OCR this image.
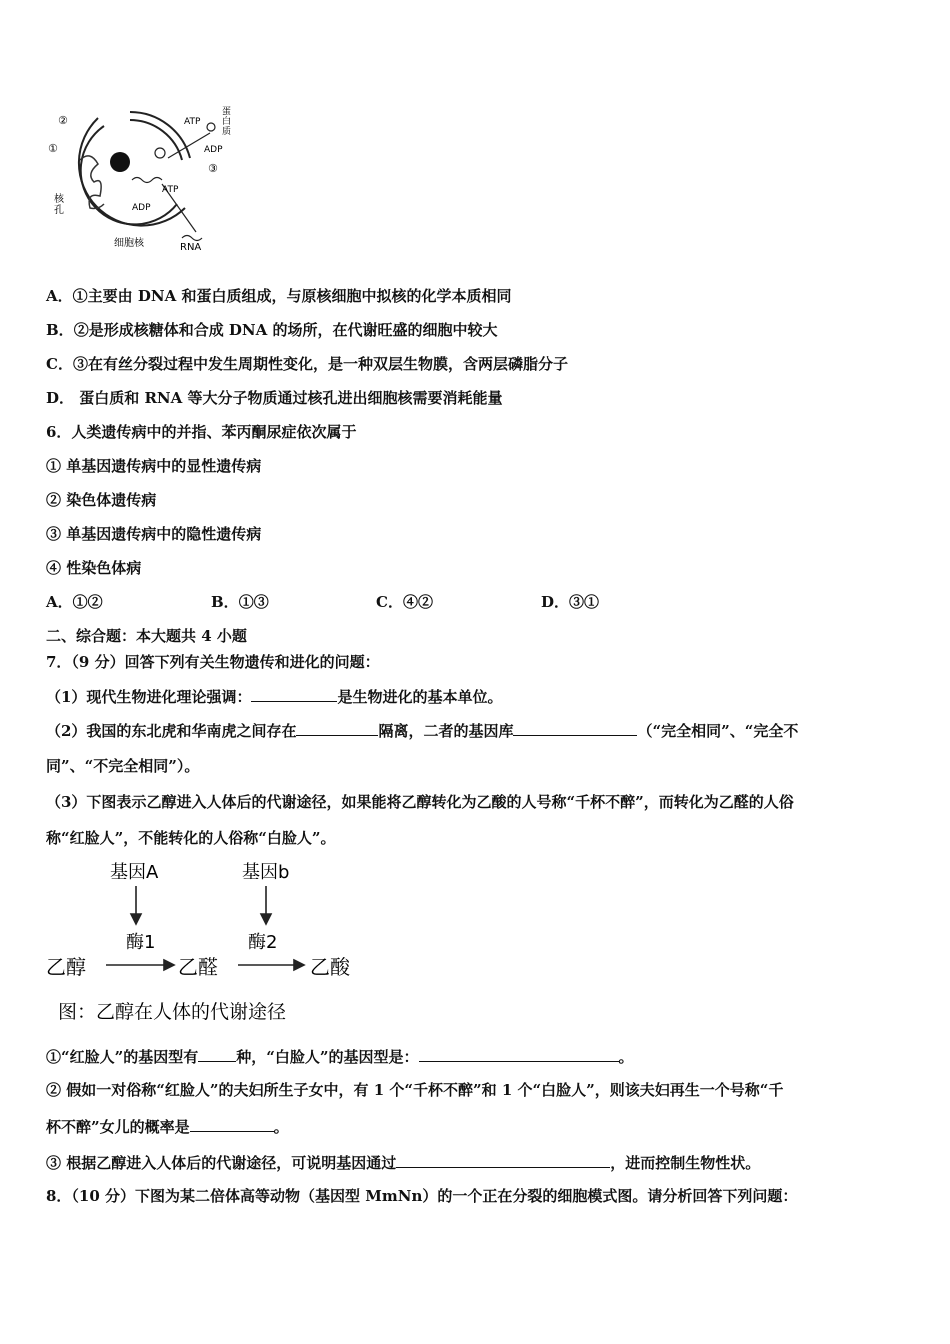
①
②
③
ATP
蛋白质
ADP
ATP
ADP
核孔
细胞核	RNA
A．①主要由 DNA 和蛋白质组成，与原核细胞中拟核的化学本质相同
B．②是形成核糖体和合成 DNA 的场所，在代谢旺盛的细胞中较大
C．③在有丝分裂过程中发生周期性变化，是一种双层生物膜，含两层磷脂分子
D． 蛋白质和 RNA 等大分子物质通过核孔进出细胞核需要消耗能量
6．人类遗传病中的并指、苯丙酮尿症依次属于
① 单基因遗传病中的显性遗传病
② 染色体遗传病
③ 单基因遗传病中的隐性遗传病
④ 性染色体病
A．①②	B．①③	C．④②	D．③①
二、综合题：本大题共 4 小题
7．（9 分）回答下列有关生物遗传和进化的问题：
（1）现代生物进化理论强调：	是生物进化的基本单位。
（2）我国的东北虎和华南虎之间存在	隔离，二者的基因库	（“完全相同”、“完全不
同”、“不完全相同”）。
（3）下图表示乙醇进入人体后的代谢途径，如果能将乙醇转化为乙酸的人号称“千杯不醉”，而转化为乙醛的人俗
称“红脸人”，不能转化的人俗称“白脸人”。
基因A	基因b
酶1	酶2
乙醇	乙醛	乙酸
图：乙醇在人体的代谢途径
①“红脸人”的基因型有	种，“白脸人”的基因型是：	。
② 假如一对俗称“红脸人”的夫妇所生子女中，有 1 个“千杯不醉”和 1 个“白脸人”，则该夫妇再生一个号称“千
杯不醉”女儿的概率是	。
③ 根据乙醇进入人体后的代谢途径，可说明基因通过	，进而控制生物性状。
8．（10 分）下图为某二倍体高等动物（基因型 MmNn）的一个正在分裂的细胞模式图。请分析回答下列问题：
